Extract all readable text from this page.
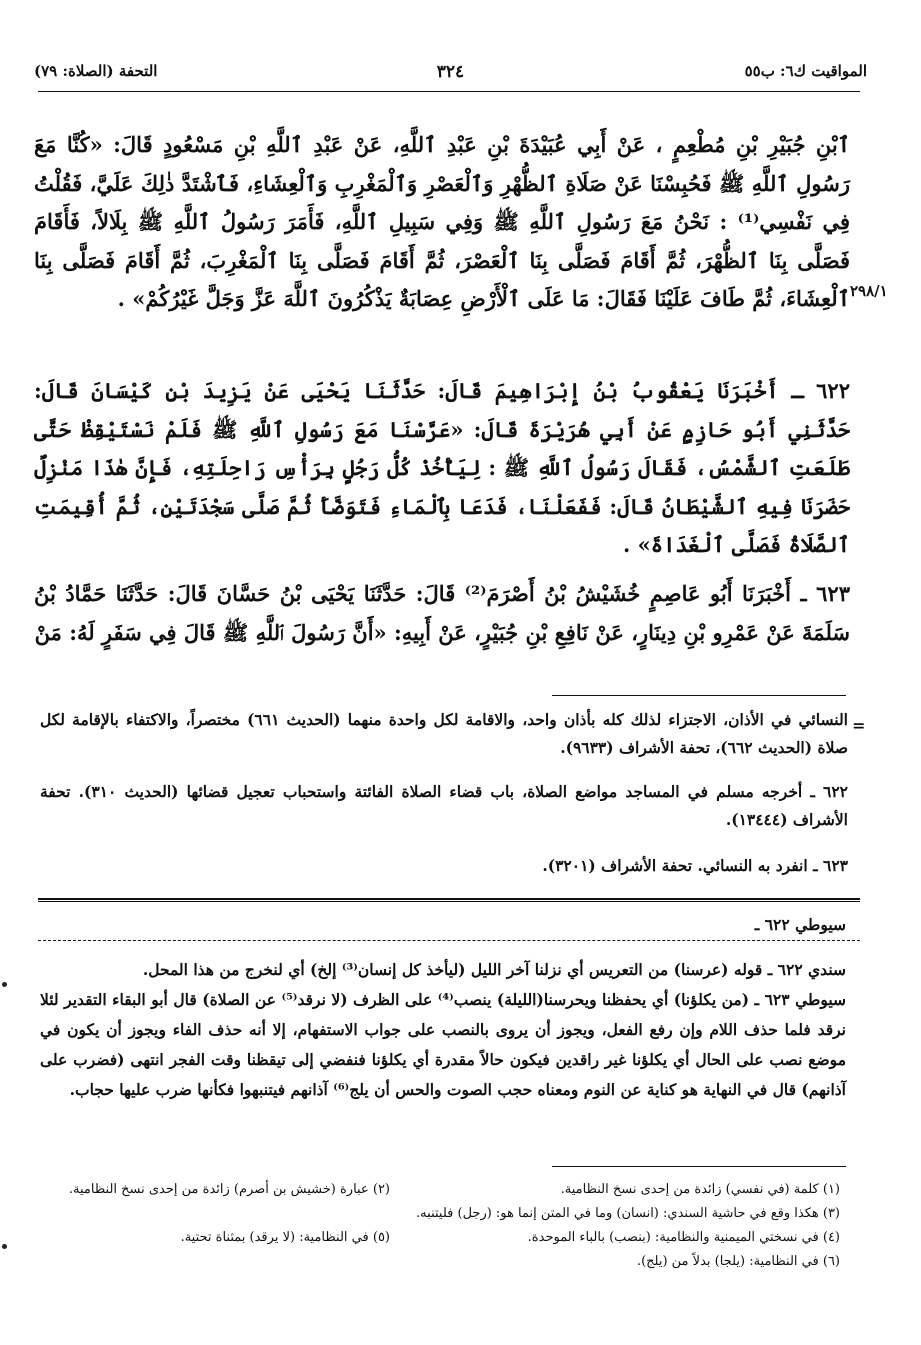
المواقيت ك٦: ب٥٥
٣٢٤
التحفة (الصلاة: ٧٩)
٢٩٨/١
ٱبْنِ جُبَيْرِ بْنِ مُطْعِمٍ ، عَنْ أَبِي عُبَيْدَةَ بْنِ عَبْدِ ٱللَّهِ، عَنْ عَبْدِ ٱللَّهِ بْنِ مَسْعُودٍ قَالَ: «كُنَّا مَعَ رَسُولِ ٱللَّهِ ﷺ فَحُبِسْنَا عَنْ صَلَاةِ ٱلظُّهْرِ وَٱلْعَصْرِ وَٱلْمَغْرِبِ وَٱلْعِشَاءِ، فَٱشْتَدَّ ذٰلِكَ عَلَيَّ، فَقُلْتُ فِي نَفْسِي⁽¹⁾ : نَحْنُ مَعَ رَسُولِ ٱللَّهِ ﷺ وَفِي سَبِيلِ ٱللَّهِ، فَأَمَرَ رَسُولُ ٱللَّهِ ﷺ بِلَالاً، فَأَقَامَ فَصَلَّى بِنَا ٱلظُّهْرَ، ثُمَّ أَقَامَ فَصَلَّى بِنَا ٱلْعَصْرَ، ثُمَّ أَقَامَ فَصَلَّى بِنَا ٱلْمَغْرِبَ، ثُمَّ أَقَامَ فَصَلَّى بِنَا ٱلْعِشَاءَ، ثُمَّ طَافَ عَلَيْنَا فَقَالَ: مَا عَلَى ٱلْأَرْضِ عِصَابَةٌ يَذْكُرُونَ ٱللَّهَ عَزَّ وَجَلَّ غَيْرُكُمْ» .
٦٢٢ ـ أَخْبَرَنَا يَعْقُوبُ بْنُ إِبْرَاهِيمَ قَالَ: حَدَّثَنَا يَحْيَى عَنْ يَزِيدَ بْنِ كَيْسَانَ قَالَ: حَدَّثَنِي أَبُو حَازِمٍ عَنْ أَبِي هُرَيْرَةَ قَالَ: «عَرَّسْنَا مَعَ رَسُولِ ٱللَّهِ ﷺ فَلَمْ نَسْتَيْقِظْ حَتَّى طَلَعَتِ ٱلشَّمْسُ، فَقَالَ رَسُولُ ٱللَّهِ ﷺ : لِيَأْخُذْ كُلُّ رَجُلٍ بِرَأْسِ رَاحِلَتِهِ، فَإِنَّ هٰذَا مَنْزِلٌ حَضَرَنَا فِيهِ ٱلشَّيْطَانُ قَالَ: فَفَعَلْنَا، فَدَعَا بِٱلْمَاءِ فَتَوَضَّأَ ثُمَّ صَلَّى سَجْدَتَيْنِ، ثُمَّ أُقِيمَتِ ٱلصَّلَاةُ فَصَلَّى ٱلْغَدَاةَ» .
٦٢٣ ـ أَخْبَرَنَا أَبُو عَاصِمٍ خُشَيْشُ بْنُ أَصْرَمَ⁽²⁾ قَالَ: حَدَّثَنَا يَحْيَى بْنُ حَسَّانَ قَالَ: حَدَّثَنَا حَمَّادُ بْنُ سَلَمَةَ عَنْ عَمْرِو بْنِ دِينَارٍ، عَنْ نَافِعِ بْنِ جُبَيْرٍ، عَنْ أَبِيهِ: «أَنَّ رَسُولَ ٱللَّهِ ﷺ قَالَ فِي سَفَرٍ لَهُ: مَنْ
=
النسائي في الأذان، الاجتزاء لذلك كله بأذان واحد، والاقامة لكل واحدة منهما (الحديث ٦٦١) مختصراً، والاكتفاء بالإقامة لكل صلاة (الحديث ٦٦٢)، تحفة الأشراف (٩٦٣٣).
٦٢٢ ـ أخرجه مسلم في المساجد مواضع الصلاة، باب قضاء الصلاة الفائتة واستحباب تعجيل قضائها (الحديث ٣١٠). تحفة الأشراف (١٣٤٤٤).
٦٢٣ ـ انفرد به النسائي. تحفة الأشراف (٣٢٠١).
سيوطي ٦٢٢ ـ
سندي ٦٢٢ ـ قوله (عرسنا) من التعريس أي نزلنا آخر الليل (ليأخذ كل إنسان⁽³⁾ إلخ) أي لنخرج من هذا المحل.
سيوطي ٦٢٣ ـ (من يكلؤنا) أي يحفظنا ويحرسنا(الليلة) ينصب⁽⁴⁾ على الظرف (لا نرقد⁽⁵⁾ عن الصلاة) قال أبو البقاء التقدير لئلا نرقد فلما حذف اللام وإن رفع الفعل، ويجوز أن يروى بالنصب على جواب الاستفهام، إلا أنه حذف الفاء ويجوز أن يكون في موضع نصب على الحال أي يكلؤنا غير راقدين فيكون حالاً مقدرة أي يكلؤنا فنفضي إلى تيقظنا وقت الفجر انتهى (فضرب على آذانهم) قال في النهاية هو كناية عن النوم ومعناه حجب الصوت والحس أن يلج⁽⁶⁾ آذانهم فيتنبهوا فكأنها ضرب عليها حجاب.
(١) كلمة (في نفسي) زائدة من إحدى نسخ النظامية.
(٢) عبارة (خشيش بن أصرم) زائدة من إحدى نسخ النظامية.
(٣) هكذا وقع في حاشية السندي: (انسان) وما في المتن إنما هو: (رجل) فليتنبه.
(٤) في نسختي الميمنية والنظامية: (بنصب) بالباء الموحدة.
(٥) في النظامية: (لا يرقد) بمثناة تحتية.
(٦) في النظامية: (يلجا) بدلاً من (يلج).
